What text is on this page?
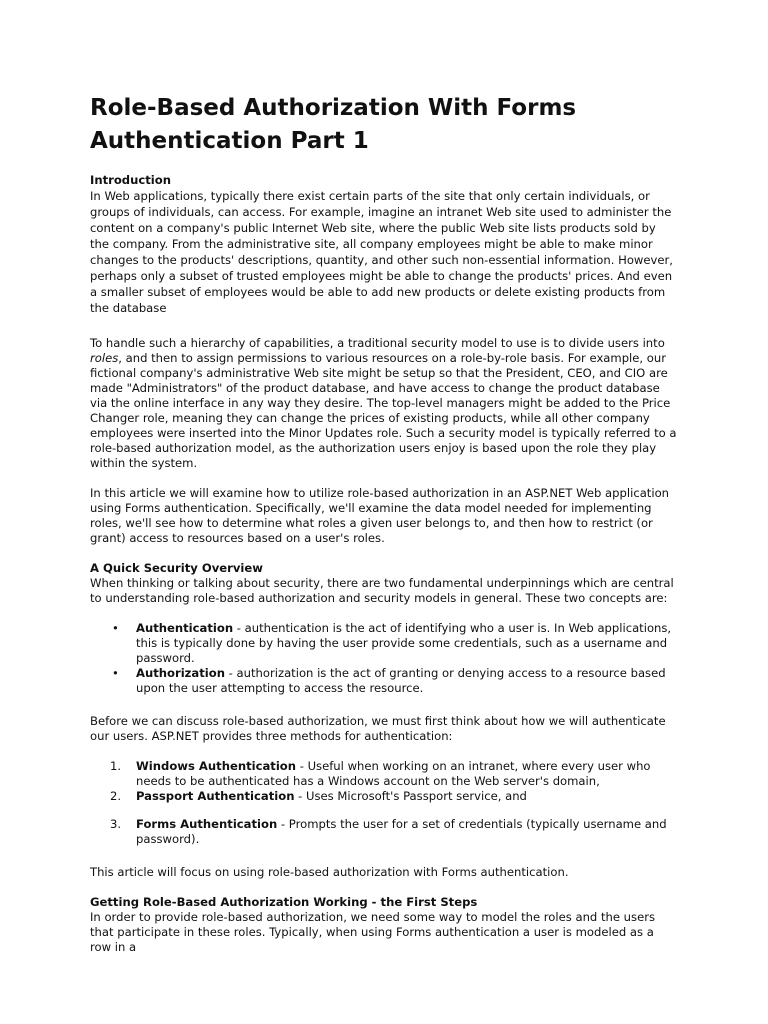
Role-Based Authorization With Forms Authentication Part 1
Introduction

In Web applications, typically there exist certain parts of the site that only certain individuals, or groups of individuals, can access. For example, imagine an intranet Web site used to administer the content on a company's public Internet Web site, where the public Web site lists products sold by the company. From the administrative site, all company employees might be able to make minor changes to the products' descriptions, quantity, and other such non-essential information. However, perhaps only a subset of trusted employees might be able to change the products' prices. And even a smaller subset of employees would be able to add new products or delete existing products from the database

To handle such a hierarchy of capabilities, a traditional security model to use is to divide users into roles, and then to assign permissions to various resources on a role-by-role basis. For example, our fictional company's administrative Web site might be setup so that the President, CEO, and CIO are made "Administrators" of the product database, and have access to change the product database via the online interface in any way they desire. The top-level managers might be added to the Price Changer role, meaning they can change the prices of existing products, while all other company employees were inserted into the Minor Updates role. Such a security model is typically referred to a role-based authorization model, as the authorization users enjoy is based upon the role they play within the system.

In this article we will examine how to utilize role-based authorization in an ASP.NET Web application using Forms authentication. Specifically, we'll examine the data model needed for implementing roles, we'll see how to determine what roles a given user belongs to, and then how to restrict (or grant) access to resources based on a user's roles.

A Quick Security Overview

When thinking or talking about security, there are two fundamental underpinnings which are central to understanding role-based authorization and security models in general. These two concepts are:

• Authentication - authentication is the act of identifying who a user is. In Web applications, this is typically done by having the user provide some credentials, such as a username and password.
• Authorization - authorization is the act of granting or denying access to a resource based upon the user attempting to access the resource.

Before we can discuss role-based authorization, we must first think about how we will authenticate our users. ASP.NET provides three methods for authentication:

1. Windows Authentication - Useful when working on an intranet, where every user who needs to be authenticated has a Windows account on the Web server's domain,
2. Passport Authentication - Uses Microsoft's Passport service, and
3. Forms Authentication - Prompts the user for a set of credentials (typically username and password).

This article will focus on using role-based authorization with Forms authentication.

Getting Role-Based Authorization Working - the First Steps

In order to provide role-based authorization, we need some way to model the roles and the users that participate in these roles. Typically, when using Forms authentication a user is modeled as a row in a
